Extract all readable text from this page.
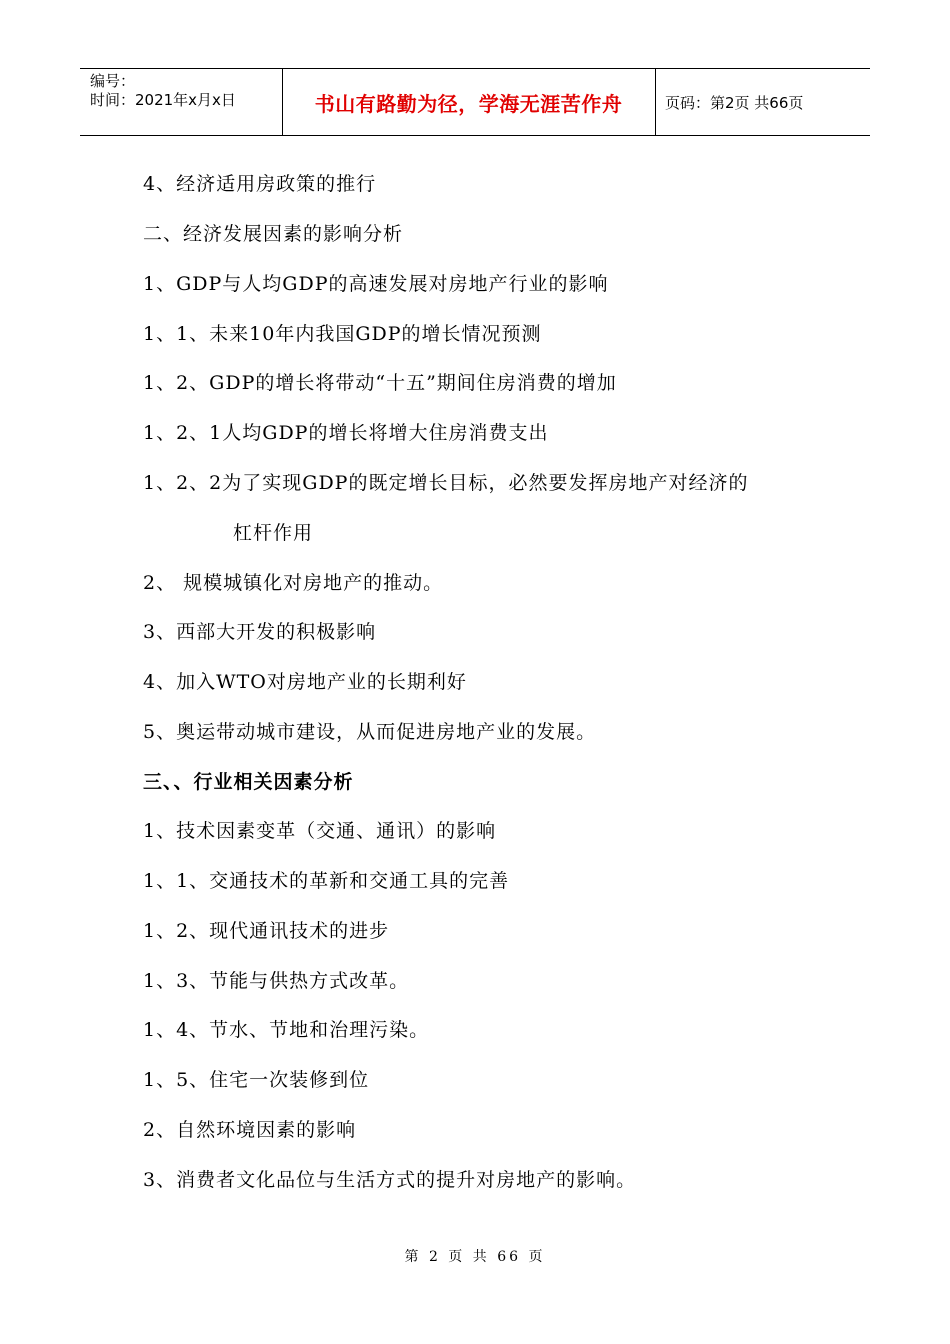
编号：
时间：2021年x月x日	书山有路勤为径，学海无涯苦作舟	页码：第2页 共66页
4、经济适用房政策的推行
二、经济发展因素的影响分析
1、GDP与人均GDP的高速发展对房地产行业的影响
1、1、未来10年内我国GDP的增长情况预测
1、2、GDP的增长将带动“十五”期间住房消费的增加
1、2、1人均GDP的增长将增大住房消费支出
1、2、2为了实现GDP的既定增长目标，必然要发挥房地产对经济的
杠杆作用
2、 规模城镇化对房地产的推动。
3、西部大开发的积极影响
4、加入WTO对房地产业的长期利好
5、奥运带动城市建设，从而促进房地产业的发展。
三、、行业相关因素分析
1、技术因素变革（交通、通讯）的影响
1、1、交通技术的革新和交通工具的完善
1、2、现代通讯技术的进步
1、3、节能与供热方式改革。
1、4、节水、节地和治理污染。
1、5、住宅一次装修到位
2、自然环境因素的影响
3、消费者文化品位与生活方式的提升对房地产的影响。
第 2 页 共 66 页
